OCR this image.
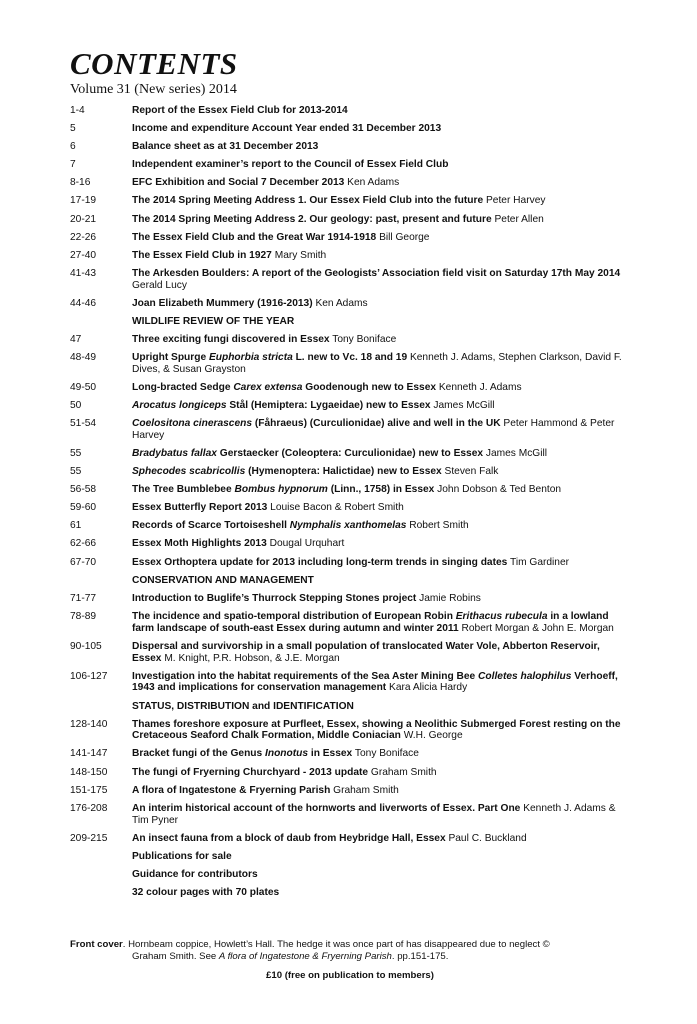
CONTENTS
Volume 31 (New series) 2014
1-4	Report of the Essex Field Club for 2013-2014
5	Income and expenditure Account Year ended 31 December 2013
6	Balance sheet as at 31 December 2013
7	Independent examiner’s report to the Council of Essex Field Club
8-16	EFC Exhibition and Social 7 December 2013 Ken Adams
17-19	The 2014 Spring Meeting Address 1. Our Essex Field Club into the future Peter Harvey
20-21	The 2014 Spring Meeting Address 2. Our geology: past, present and future Peter Allen
22-26	The Essex Field Club and the Great War 1914-1918 Bill George
27-40	The Essex Field Club in 1927 Mary Smith
41-43	The Arkesden Boulders: A report of the Geologists’ Association field visit on Saturday 17th May 2014 Gerald Lucy
44-46	Joan Elizabeth Mummery (1916-2013) Ken Adams
WILDLIFE REVIEW OF THE YEAR
47	Three exciting fungi discovered in Essex Tony Boniface
48-49	Upright Spurge Euphorbia stricta L. new to Vc. 18 and 19 Kenneth J. Adams, Stephen Clarkson, David F. Dives, & Susan Grayston
49-50	Long-bracted Sedge Carex extensa Goodenough new to Essex Kenneth J. Adams
50	Arocatus longiceps Stål (Hemiptera: Lygaeidae) new to Essex James McGill
51-54	Coelositona cinerascens (Fåhraeus) (Curculionidae) alive and well in the UK Peter Hammond & Peter Harvey
55	Bradybatus fallax Gerstaecker (Coleoptera: Curculionidae) new to Essex James McGill
55	Sphecodes scabricollis (Hymenoptera: Halictidae) new to Essex Steven Falk
56-58	The Tree Bumblebee Bombus hypnorum (Linn., 1758) in Essex John Dobson & Ted Benton
59-60	Essex Butterfly Report 2013 Louise Bacon & Robert Smith
61	Records of Scarce Tortoiseshell Nymphalis xanthomelas Robert Smith
62-66	Essex Moth Highlights 2013 Dougal Urquhart
67-70	Essex Orthoptera update for 2013 including long-term trends in singing dates Tim Gardiner
CONSERVATION AND MANAGEMENT
71-77	Introduction to Buglife’s Thurrock Stepping Stones project Jamie Robins
78-89	The incidence and spatio-temporal distribution of European Robin Erithacus rubecula in a lowland farm landscape of south-east Essex during autumn and winter 2011 Robert Morgan & John E. Morgan
90-105	Dispersal and survivorship in a small population of translocated Water Vole, Abberton Reservoir, Essex M. Knight, P.R. Hobson, & J.E. Morgan
106-127	Investigation into the habitat requirements of the Sea Aster Mining Bee Colletes halophilus Verhoeff, 1943 and implications for conservation management Kara Alicia Hardy
STATUS, DISTRIBUTION and IDENTIFICATION
128-140	Thames foreshore exposure at Purfleet, Essex, showing a Neolithic Submerged Forest resting on the Cretaceous Seaford Chalk Formation, Middle Coniacian W.H. George
141-147	Bracket fungi of the Genus Inonotus in Essex Tony Boniface
148-150	The fungi of Fryerning Churchyard - 2013 update Graham Smith
151-175	A flora of Ingatestone & Fryerning Parish Graham Smith
176-208	An interim historical account of the hornworts and liverworts of Essex. Part One Kenneth J. Adams & Tim Pyner
209-215	An insect fauna from a block of daub from Heybridge Hall, Essex Paul C. Buckland
Publications for sale
Guidance for contributors
32 colour pages with 70 plates
Front cover. Hornbeam coppice, Howlett’s Hall. The hedge it was once part of has disappeared due to neglect ©
Graham Smith. See A flora of Ingatestone & Fryerning Parish. pp.151-175.
£10 (free on publication to members)
